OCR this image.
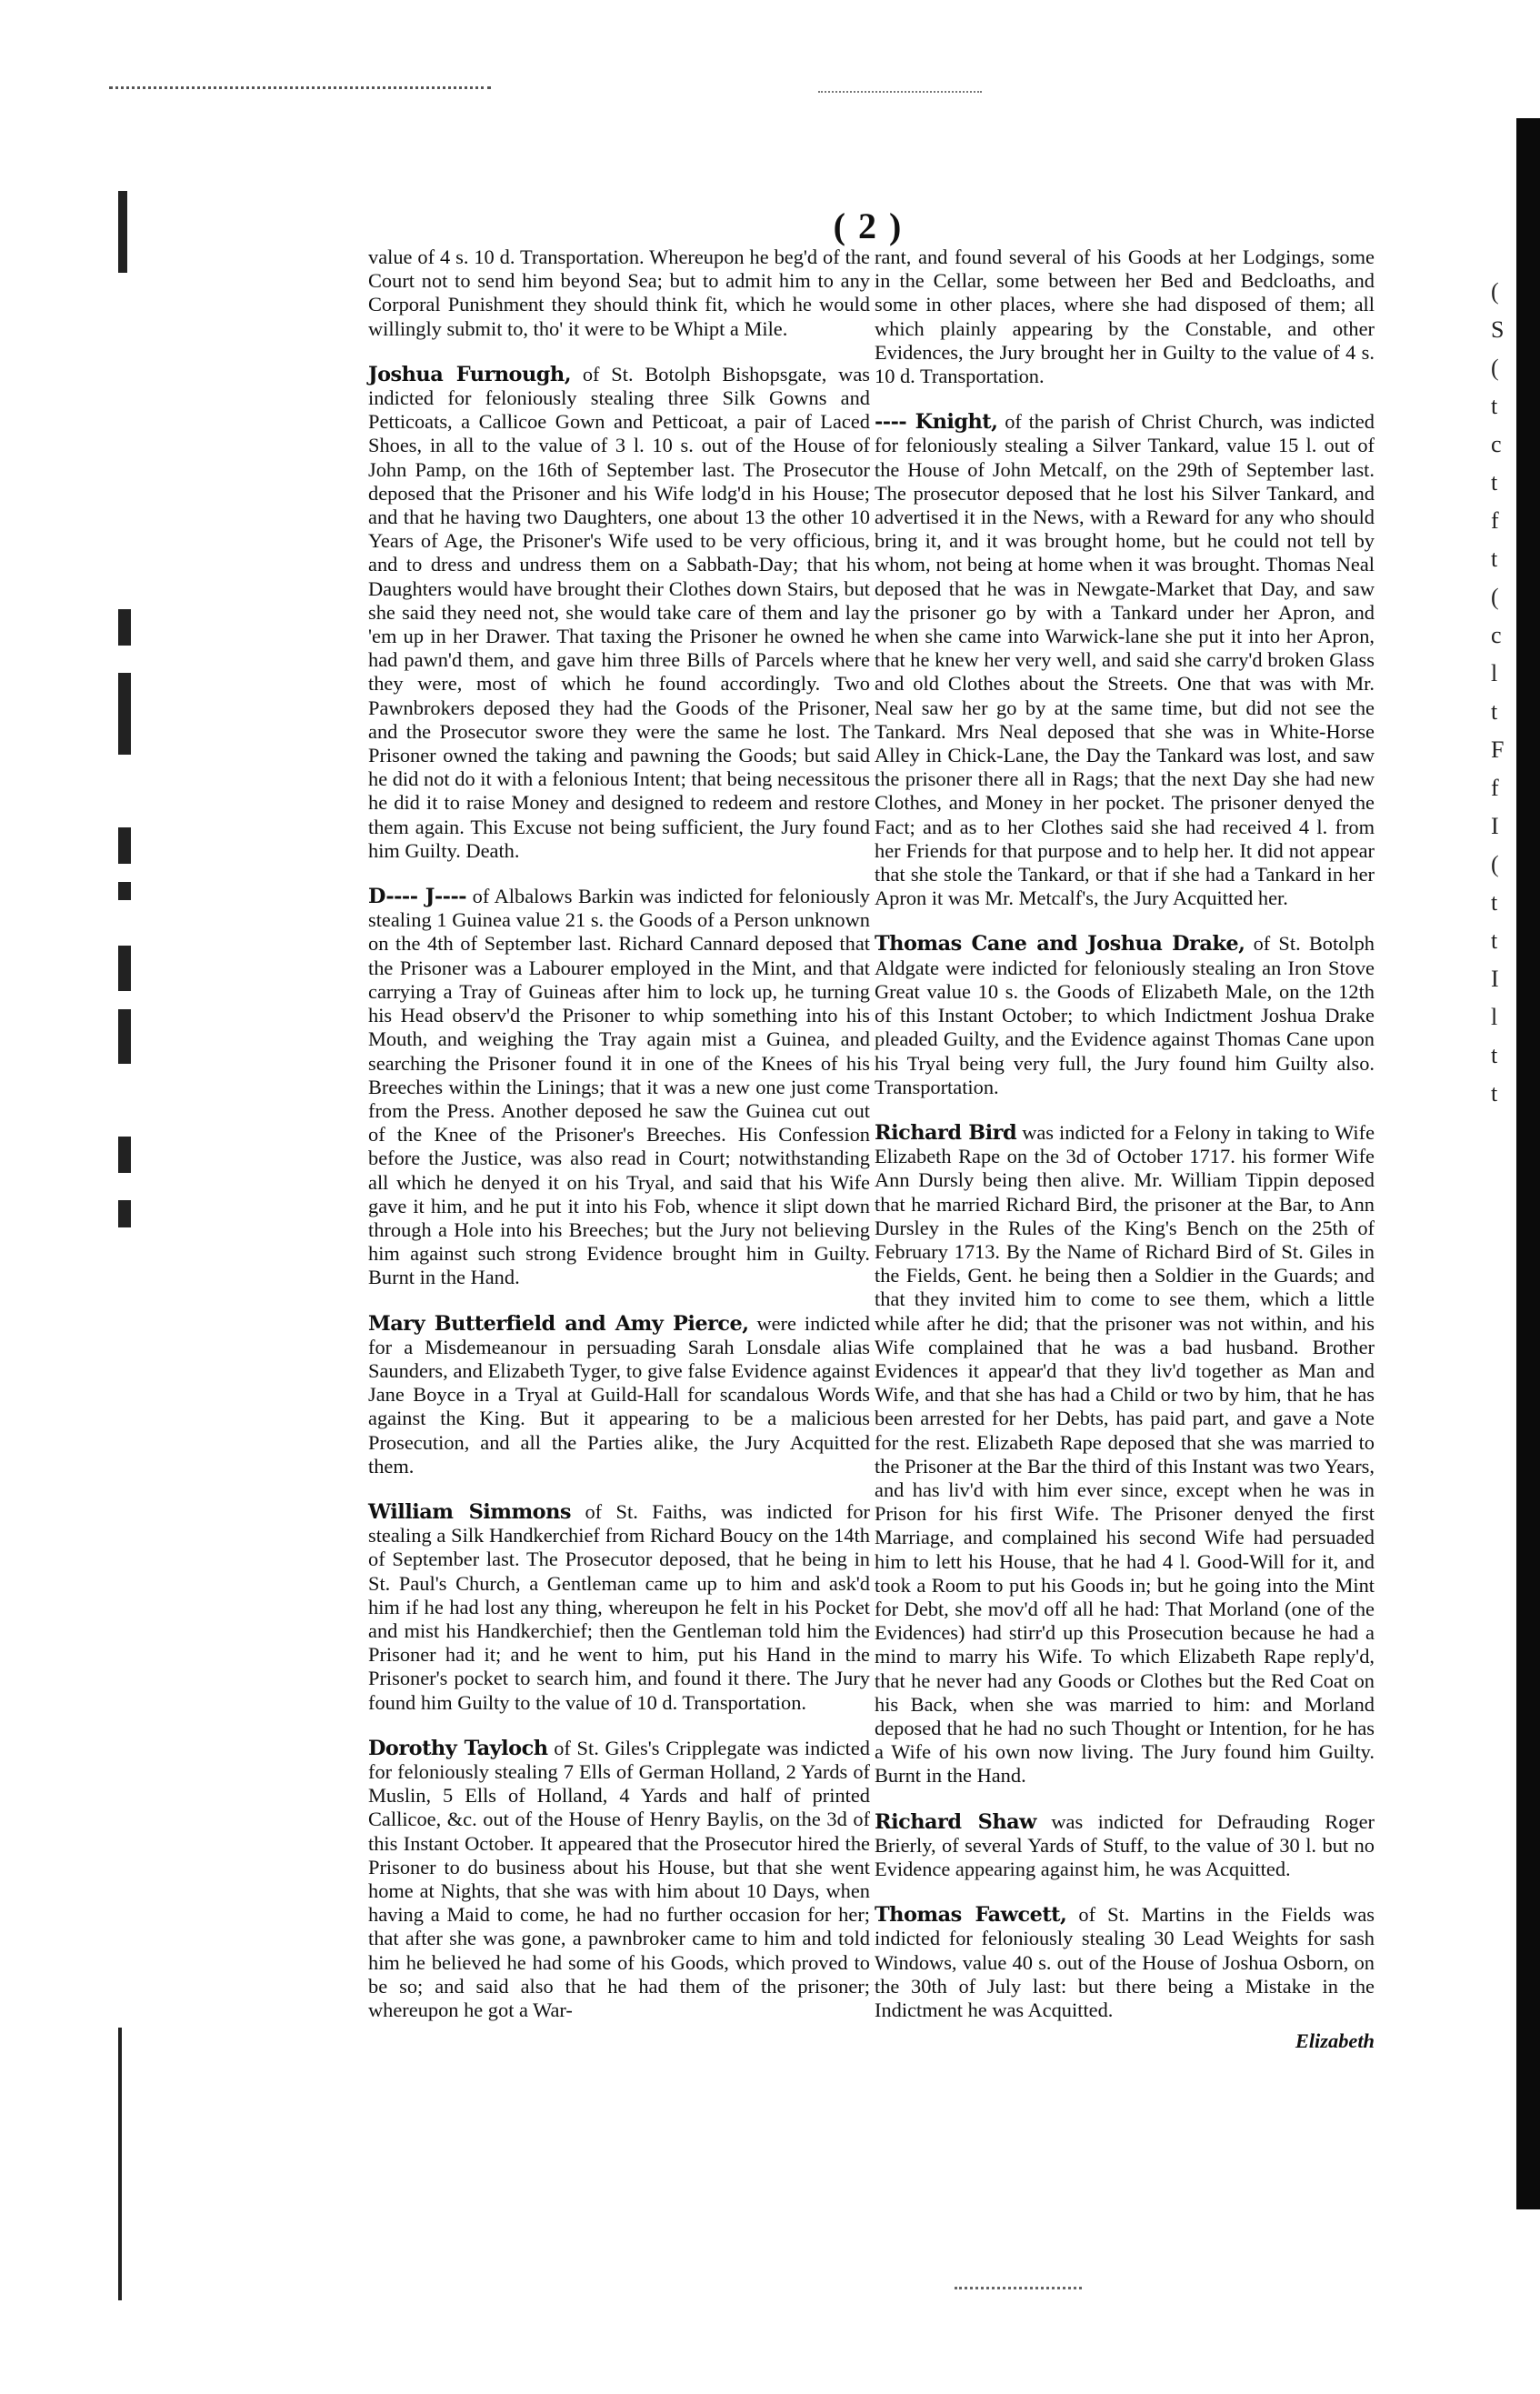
(
S
(
t
c
t
f
t
(
c
l
t
F
f
I
(
t
t
I
l
t
t
( 2 )

value of 4 s. 10 d. Transportation. Whereupon he beg'd of the Court not to send him beyond Sea; but to admit him to any Corporal Punishment they should think fit, which he would willingly submit to, tho' it were to be Whipt a Mile.

Joshua Furnough, of St. Botolph Bishopsgate, was indicted for feloniously stealing three Silk Gowns and Petticoats, a Callicoe Gown and Petticoat, a pair of Laced Shoes, in all to the value of 3 l. 10 s. out of the House of John Pamp, on the 16th of September last. The Prosecutor deposed that the Prisoner and his Wife lodg'd in his House; and that he having two Daughters, one about 13 the other 10 Years of Age, the Prisoner's Wife used to be very officious, and to dress and undress them on a Sabbath-Day; that his Daughters would have brought their Clothes down Stairs, but she said they need not, she would take care of them and lay 'em up in her Drawer. That taxing the Prisoner he owned he had pawn'd them, and gave him three Bills of Parcels where they were, most of which he found accordingly. Two Pawnbrokers deposed they had the Goods of the Prisoner, and the Prosecutor swore they were the same he lost. The Prisoner owned the taking and pawning the Goods; but said he did not do it with a felonious Intent; that being necessitous he did it to raise Money and designed to redeem and restore them again. This Excuse not being sufficient, the Jury found him Guilty. Death.

D---- J---- of Albalows Barkin was indicted for feloniously stealing 1 Guinea value 21 s. the Goods of a Person unknown on the 4th of September last. Richard Cannard deposed that the Prisoner was a Labourer employed in the Mint, and that carrying a Tray of Guineas after him to lock up, he turning his Head observ'd the Prisoner to whip something into his Mouth, and weighing the Tray again mist a Guinea, and searching the Prisoner found it in one of the Knees of his Breeches within the Linings; that it was a new one just come from the Press. Another deposed he saw the Guinea cut out of the Knee of the Prisoner's Breeches. His Confession before the Justice, was also read in Court; notwithstanding all which he denyed it on his Tryal, and said that his Wife gave it him, and he put it into his Fob, whence it slipt down through a Hole into his Breeches; but the Jury not believing him against such strong Evidence brought him in Guilty. Burnt in the Hand.

Mary Butterfield and Amy Pierce, were indicted for a Misdemeanour in persuading Sarah Lonsdale alias Saunders, and Elizabeth Tyger, to give false Evidence against Jane Boyce in a Tryal at Guild-Hall for scandalous Words against the King. But it appearing to be a malicious Prosecution, and all the Parties alike, the Jury Acquitted them.

William Simmons of St. Faiths, was indicted for stealing a Silk Handkerchief from Richard Boucy on the 14th of September last. The Prosecutor deposed, that he being in St. Paul's Church, a Gentleman came up to him and ask'd him if he had lost any thing, whereupon he felt in his Pocket and mist his Handkerchief; then the Gentleman told him the Prisoner had it; and he went to him, put his Hand in the Prisoner's pocket to search him, and found it there. The Jury found him Guilty to the value of 10 d. Transportation.

Dorothy Tayloch of St. Giles's Cripplegate was indicted for feloniously stealing 7 Ells of German Holland, 2 Yards of Muslin, 5 Ells of Holland, 4 Yards and half of printed Callicoe, &c. out of the House of Henry Baylis, on the 3d of this Instant October. It appeared that the Prosecutor hired the Prisoner to do business about his House, but that she went home at Nights, that she was with him about 10 Days, when having a Maid to come, he had no further occasion for her; that after she was gone, a pawnbroker came to him and told him he believed he had some of his Goods, which proved to be so; and said also that he had them of the prisoner; whereupon he got a War-

rant, and found several of his Goods at her Lodgings, some in the Cellar, some between her Bed and Bedcloaths, and some in other places, where she had disposed of them; all which plainly appearing by the Constable, and other Evidences, the Jury brought her in Guilty to the value of 4 s. 10 d. Transportation.

---- Knight, of the parish of Christ Church, was indicted for feloniously stealing a Silver Tankard, value 15 l. out of the House of John Metcalf, on the 29th of September last. The prosecutor deposed that he lost his Silver Tankard, and advertised it in the News, with a Reward for any who should bring it, and it was brought home, but he could not tell by whom, not being at home when it was brought. Thomas Neal deposed that he was in Newgate-Market that Day, and saw the prisoner go by with a Tankard under her Apron, and when she came into Warwick-lane she put it into her Apron, that he knew her very well, and said she carry'd broken Glass and old Clothes about the Streets. One that was with Mr. Neal saw her go by at the same time, but did not see the Tankard. Mrs Neal deposed that she was in White-Horse Alley in Chick-Lane, the Day the Tankard was lost, and saw the prisoner there all in Rags; that the next Day she had new Clothes, and Money in her pocket. The prisoner denyed the Fact; and as to her Clothes said she had received 4 l. from her Friends for that purpose and to help her. It did not appear that she stole the Tankard, or that if she had a Tankard in her Apron it was Mr. Metcalf's, the Jury Acquitted her.

Thomas Cane and Joshua Drake, of St. Botolph Aldgate were indicted for feloniously stealing an Iron Stove Great value 10 s. the Goods of Elizabeth Male, on the 12th of this Instant October; to which Indictment Joshua Drake pleaded Guilty, and the Evidence against Thomas Cane upon his Tryal being very full, the Jury found him Guilty also. Transportation.

Richard Bird was indicted for a Felony in taking to Wife Elizabeth Rape on the 3d of October 1717. his former Wife Ann Dursly being then alive. Mr. William Tippin deposed that he married Richard Bird, the prisoner at the Bar, to Ann Dursley in the Rules of the King's Bench on the 25th of February 1713. By the Name of Richard Bird of St. Giles in the Fields, Gent. he being then a Soldier in the Guards; and that they invited him to come to see them, which a little while after he did; that the prisoner was not within, and his Wife complained that he was a bad husband. Brother Evidences it appear'd that they liv'd together as Man and Wife, and that she has had a Child or two by him, that he has been arrested for her Debts, has paid part, and gave a Note for the rest. Elizabeth Rape deposed that she was married to the Prisoner at the Bar the third of this Instant was two Years, and has liv'd with him ever since, except when he was in Prison for his first Wife. The Prisoner denyed the first Marriage, and complained his second Wife had persuaded him to lett his House, that he had 4 l. Good-Will for it, and took a Room to put his Goods in; but he going into the Mint for Debt, she mov'd off all he had: That Morland (one of the Evidences) had stirr'd up this Prosecution because he had a mind to marry his Wife. To which Elizabeth Rape reply'd, that he never had any Goods or Clothes but the Red Coat on his Back, when she was married to him: and Morland deposed that he had no such Thought or Intention, for he has a Wife of his own now living. The Jury found him Guilty. Burnt in the Hand.

Richard Shaw was indicted for Defrauding Roger Brierly, of several Yards of Stuff, to the value of 30 l. but no Evidence appearing against him, he was Acquitted.

Thomas Fawcett, of St. Martins in the Fields was indicted for feloniously stealing 30 Lead Weights for sash Windows, value 40 s. out of the House of Joshua Osborn, on the 30th of July last: but there being a Mistake in the Indictment he was Acquitted.

Elizabeth
